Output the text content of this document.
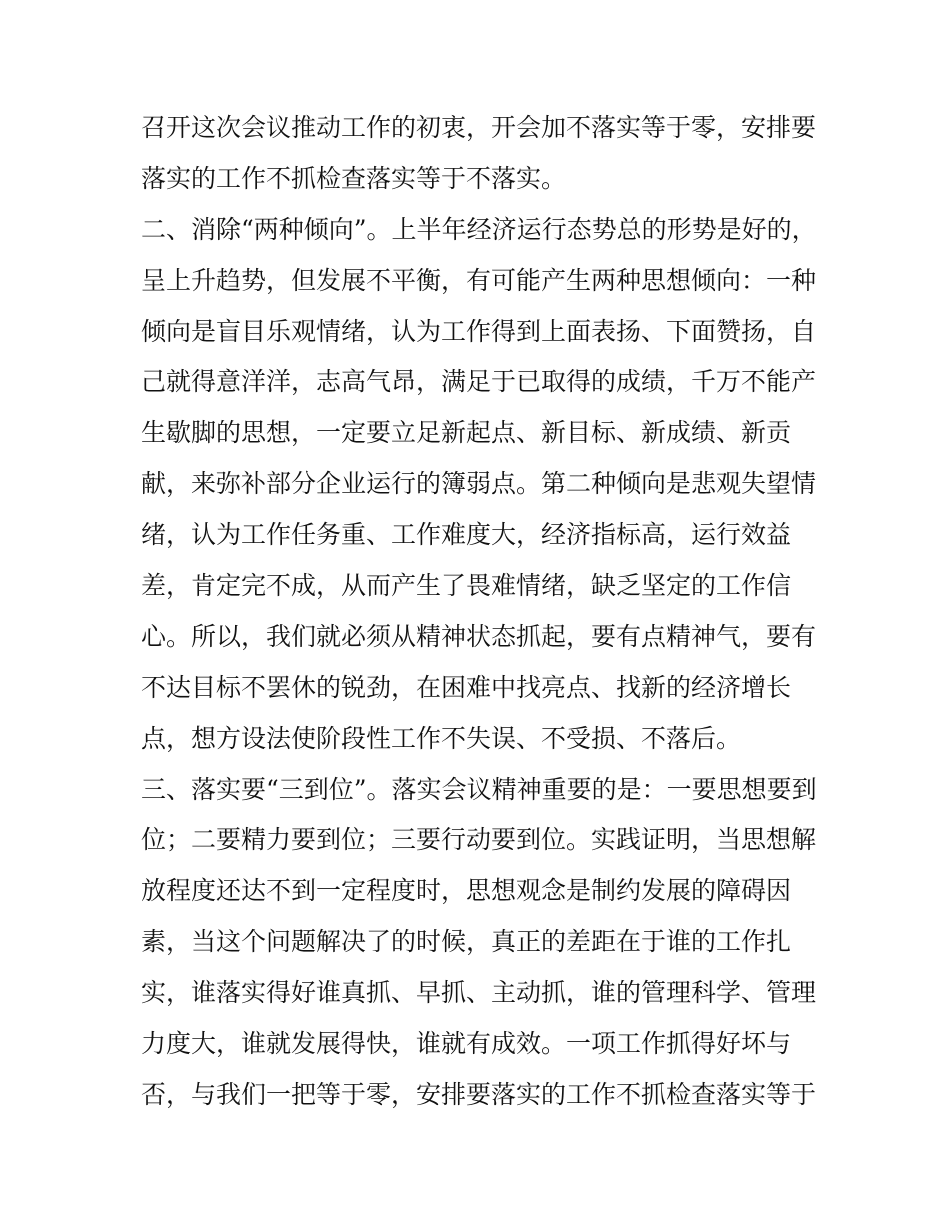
召开这次会议推动工作的初衷，开会加不落实等于零，安排要
落实的工作不抓检查落实等于不落实。
二、消除“两种倾向”。上半年经济运行态势总的形势是好的，
呈上升趋势，但发展不平衡，有可能产生两种思想倾向：一种
倾向是盲目乐观情绪，认为工作得到上面表扬、下面赞扬，自
己就得意洋洋，志高气昂，满足于已取得的成绩，千万不能产
生歇脚的思想，一定要立足新起点、新目标、新成绩、新贡
献，来弥补部分企业运行的簿弱点。第二种倾向是悲观失望情
绪，认为工作任务重、工作难度大，经济指标高，运行效益
差，肯定完不成，从而产生了畏难情绪，缺乏坚定的工作信
心。所以，我们就必须从精神状态抓起，要有点精神气，要有
不达目标不罢休的锐劲，在困难中找亮点、找新的经济增长
点，想方设法使阶段性工作不失误、不受损、不落后。
三、落实要“三到位”。落实会议精神重要的是：一要思想要到
位；二要精力要到位；三要行动要到位。实践证明，当思想解
放程度还达不到一定程度时，思想观念是制约发展的障碍因
素，当这个问题解决了的时候，真正的差距在于谁的工作扎
实，谁落实得好谁真抓、早抓、主动抓，谁的管理科学、管理
力度大，谁就发展得快，谁就有成效。一项工作抓得好坏与
否，与我们一把等于零，安排要落实的工作不抓检查落实等于
